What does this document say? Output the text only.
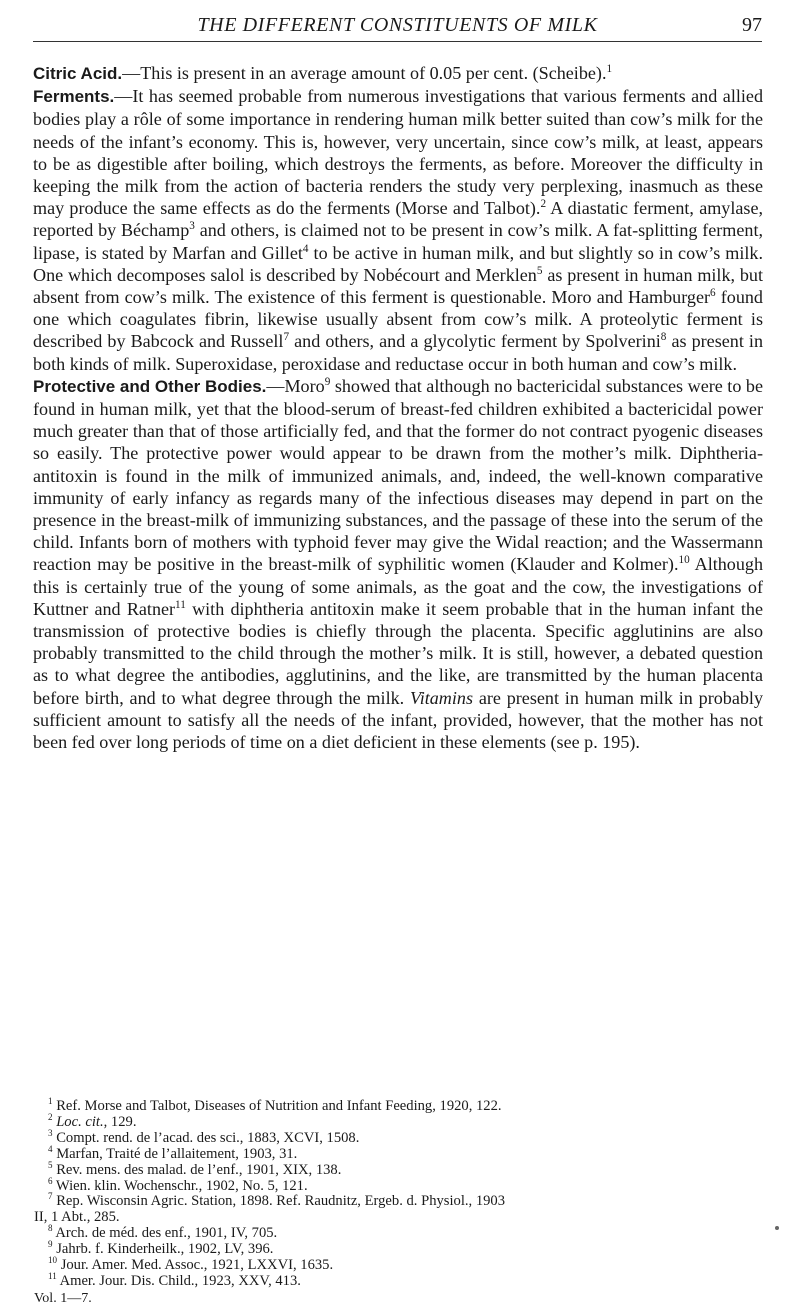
THE DIFFERENT CONSTITUENTS OF MILK	97

Citric Acid.—This is present in an average amount of 0.05 per cent. (Scheibe).$^1$

Ferments.—It has seemed probable from numerous investigations that various ferments and allied bodies play a rôle of some importance in rendering human milk better suited than cow’s milk for the needs of the infant’s economy. This is, however, very uncertain, since cow’s milk, at least, appears to be as digestible after boiling, which destroys the ferments, as before. Moreover the difficulty in keeping the milk from the action of bacteria renders the study very perplexing, inasmuch as these may produce the same effects as do the ferments (Morse and Talbot).$^2$ A diastatic ferment, amylase, reported by Béchamp$^3$ and others, is claimed not to be present in cow’s milk. A fat-splitting ferment, lipase, is stated by Marfan and Gillet$^4$ to be active in human milk, and but slightly so in cow’s milk. One which decomposes salol is described by Nobécourt and Merklen$^5$ as present in human milk, but absent from cow’s milk. The existence of this ferment is questionable. Moro and Hamburger$^6$ found one which coagulates fibrin, likewise usually absent from cow’s milk. A proteolytic ferment is described by Babcock and Russell$^7$ and others, and a glycolytic ferment by Spolverini$^8$ as present in both kinds of milk. Superoxidase, peroxidase and reductase occur in both human and cow’s milk.

Protective and Other Bodies.—Moro$^9$ showed that although no bactericidal substances were to be found in human milk, yet that the blood-serum of breast-fed children exhibited a bactericidal power much greater than that of those artificially fed, and that the former do not contract pyogenic diseases so easily. The protective power would appear to be drawn from the mother’s milk. Diphtheria-antitoxin is found in the milk of immunized animals, and, indeed, the well-known comparative immunity of early infancy as regards many of the infectious diseases may depend in part on the presence in the breast-milk of immunizing substances, and the passage of these into the serum of the child. Infants born of mothers with typhoid fever may give the Widal reaction; and the Wassermann reaction may be positive in the breast-milk of syphilitic women (Klauder and Kolmer).$^{10}$ Although this is certainly true of the young of some animals, as the goat and the cow, the investigations of Kuttner and Ratner$^{11}$ with diphtheria antitoxin make it seem probable that in the human infant the transmission of protective bodies is chiefly through the placenta. Specific agglutinins are also probably transmitted to the child through the mother’s milk. It is still, however, a debated question as to what degree the antibodies, agglutinins, and the like, are transmitted by the human placenta before birth, and to what degree through the milk. Vitamins are present in human milk in probably sufficient amount to satisfy all the needs of the infant, provided, however, that the mother has not been fed over long periods of time on a diet deficient in these elements (see p. 195).

$^1$ Ref. Morse and Talbot, Diseases of Nutrition and Infant Feeding, 1920, 122.
$^2$ Loc. cit., 129.
$^3$ Compt. rend. de l’acad. des sci., 1883, XCVI, 1508.
$^4$ Marfan, Traité de l’allaitement, 1903, 31.
$^5$ Rev. mens. des malad. de l’enf., 1901, XIX, 138.
$^6$ Wien. klin. Wochenschr., 1902, No. 5, 121.
$^7$ Rep. Wisconsin Agric. Station, 1898. Ref. Raudnitz, Ergeb. d. Physiol., 1903
II, 1 Abt., 285.
$^8$ Arch. de méd. des enf., 1901, IV, 705.
$^9$ Jahrb. f. Kinderheilk., 1902, LV, 396.
$^{10}$ Jour. Amer. Med. Assoc., 1921, LXXVI, 1635.
$^{11}$ Amer. Jour. Dis. Child., 1923, XXV, 413.
Vol. 1—7.
